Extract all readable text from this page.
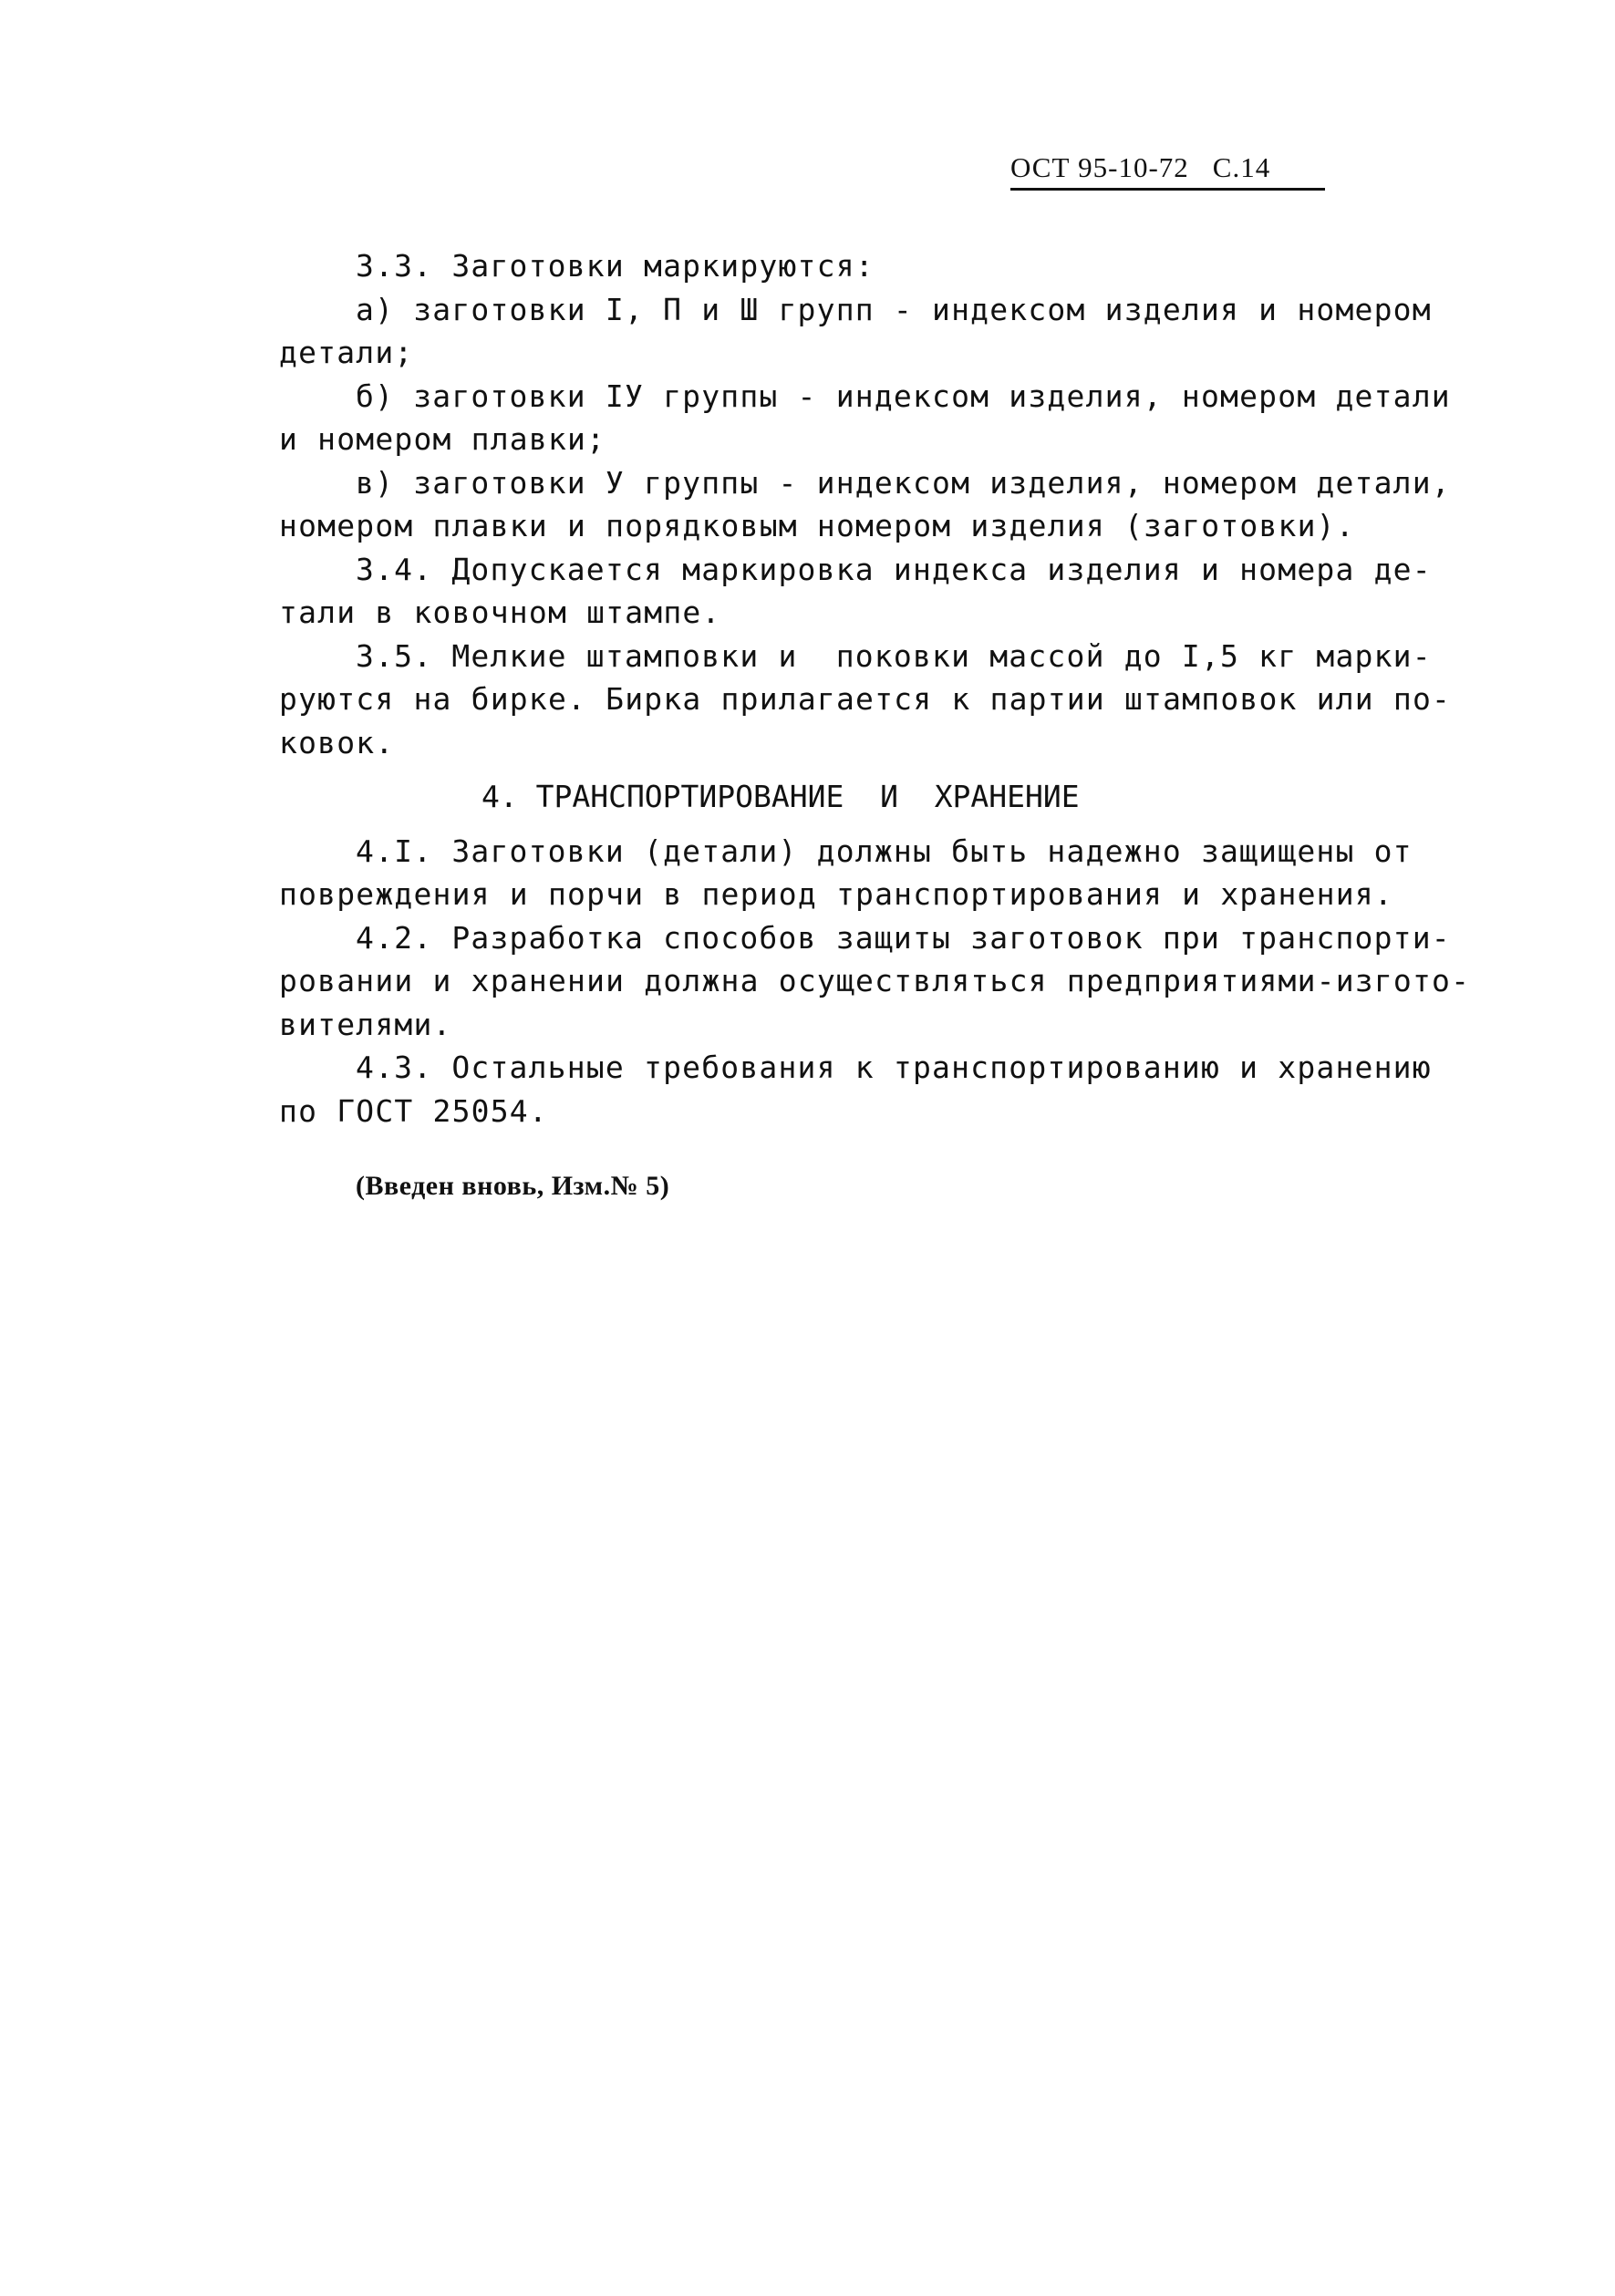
ОСТ 95-10-72 С.14
3.3. Заготовки маркируются:
а) заготовки I, П и Ш групп - индексом изделия и номером
детали;
б) заготовки IУ группы - индексом изделия, номером детали
и номером плавки;
в) заготовки У группы - индексом изделия, номером детали,
номером плавки и порядковым номером изделия (заготовки).
3.4. Допускается маркировка индекса изделия и номера де-
тали в ковочном штампе.
3.5. Мелкие штамповки и  поковки массой до I,5 кг марки-
руются на бирке. Бирка прилагается к партии штамповок или по-
ковок.
4. ТРАНСПОРТИРОВАНИЕ  И  ХРАНЕНИЕ
4.I. Заготовки (детали) должны быть надежно защищены от
повреждения и порчи в период транспортирования и хранения.
4.2. Разработка способов защиты заготовок при транспорти-
ровании и хранении должна осуществляться предприятиями-изгото-
вителями.
4.3. Остальные требования к транспортированию и хранению
по ГОСТ 25054.
(Введен вновь, Изм.№ 5)
